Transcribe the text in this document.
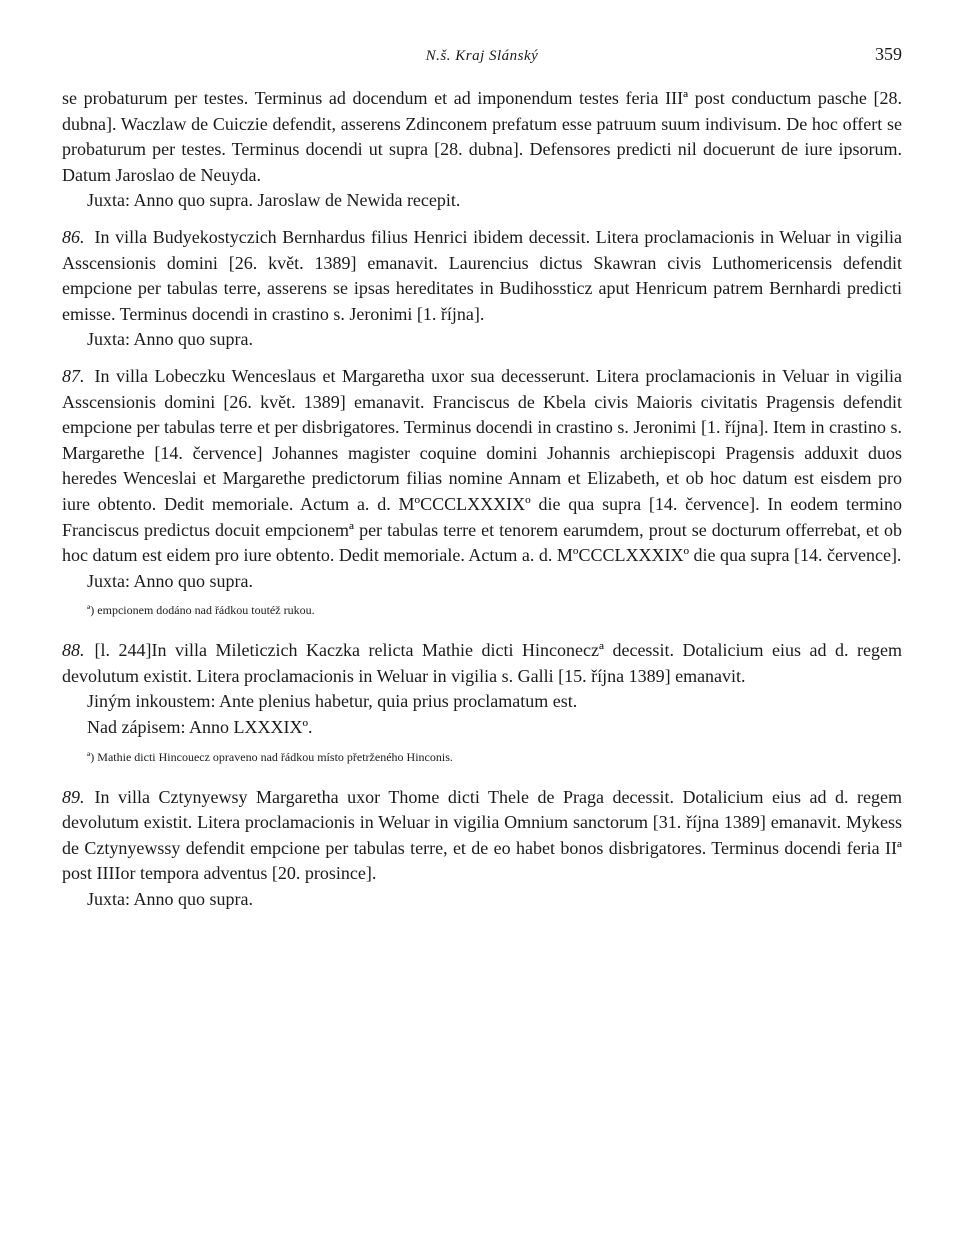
N.š. Kraj Slánský	359

se probaturum per testes. Terminus ad docendum et ad imponendum testes feria IIIª post conductum pasche [28. dubna]. Waczlaw de Cuiczie defendit, asserens Zdinconem prefatum esse patruum suum indivisum. De hoc offert se probaturum per testes. Terminus docendi ut supra [28. dubna]. Defensores predicti nil docuerunt de iure ipsorum. Datum Jaroslao de Neuyda.

Juxta: Anno quo supra. Jaroslaw de Newida recepit.

86. In villa Budyekostyczich Bernhardus filius Henrici ibidem decessit. Litera proclamacionis in Weluar in vigilia Asscensionis domini [26. květ. 1389] emanavit. Laurencius dictus Skawran civis Luthomericensis defendit empcione per tabulas terre, asserens se ipsas hereditates in Budihossticz aput Henricum patrem Bernhardi predicti emisse. Terminus docendi in crastino s. Jeronimi [1. října].

Juxta: Anno quo supra.

87. In villa Lobeczku Wenceslaus et Margaretha uxor sua decesserunt. Litera proclamacionis in Veluar in vigilia Asscensionis domini [26. květ. 1389] emanavit. Franciscus de Kbela civis Maioris civitatis Pragensis defendit empcione per tabulas terre et per disbrigatores. Terminus docendi in crastino s. Jeronimi [1. října]. Item in crastino s. Margarethe [14. července] Johannes magister coquine domini Johannis archiepiscopi Pragensis adduxit duos heredes Wenceslai et Margarethe predictorum filias nomine Annam et Elizabeth, et ob hoc datum est eisdem pro iure obtento. Dedit memoriale. Actum a. d. MºCCCLXXXIXº die qua supra [14. července]. In eodem termino Franciscus predictus docuit empcionemª per tabulas terre et tenorem earumdem, prout se docturum offerrebat, et ob hoc datum est eidem pro iure obtento. Dedit memoriale. Actum a. d. MºCCCLXXXIXº die qua supra [14. července].

Juxta: Anno quo supra.

ª) empcionem dodáno nad řádkou toutéž rukou.

88. [l. 244]In villa Mileticzich Kaczka relicta Mathie dicti Hinconeczª decessit. Dotalicium eius ad d. regem devolutum existit. Litera proclamacionis in Weluar in vigilia s. Galli [15. října 1389] emanavit.

Jiným inkoustem: Ante plenius habetur, quia prius proclamatum est.

Nad zápisem: Anno LXXXIXº.

ª) Mathie dicti Hincouecz opraveno nad řádkou místo přetrženého Hinconis.

89. In villa Cztynyewsy Margaretha uxor Thome dicti Thele de Praga decessit. Dotalicium eius ad d. regem devolutum existit. Litera proclamacionis in Weluar in vigilia Omnium sanctorum [31. října 1389] emanavit. Mykess de Cztynyewssy defendit empcione per tabulas terre, et de eo habet bonos disbrigatores. Terminus docendi feria IIª post IIIIor tempora adventus [20. prosince].

Juxta: Anno quo supra.
